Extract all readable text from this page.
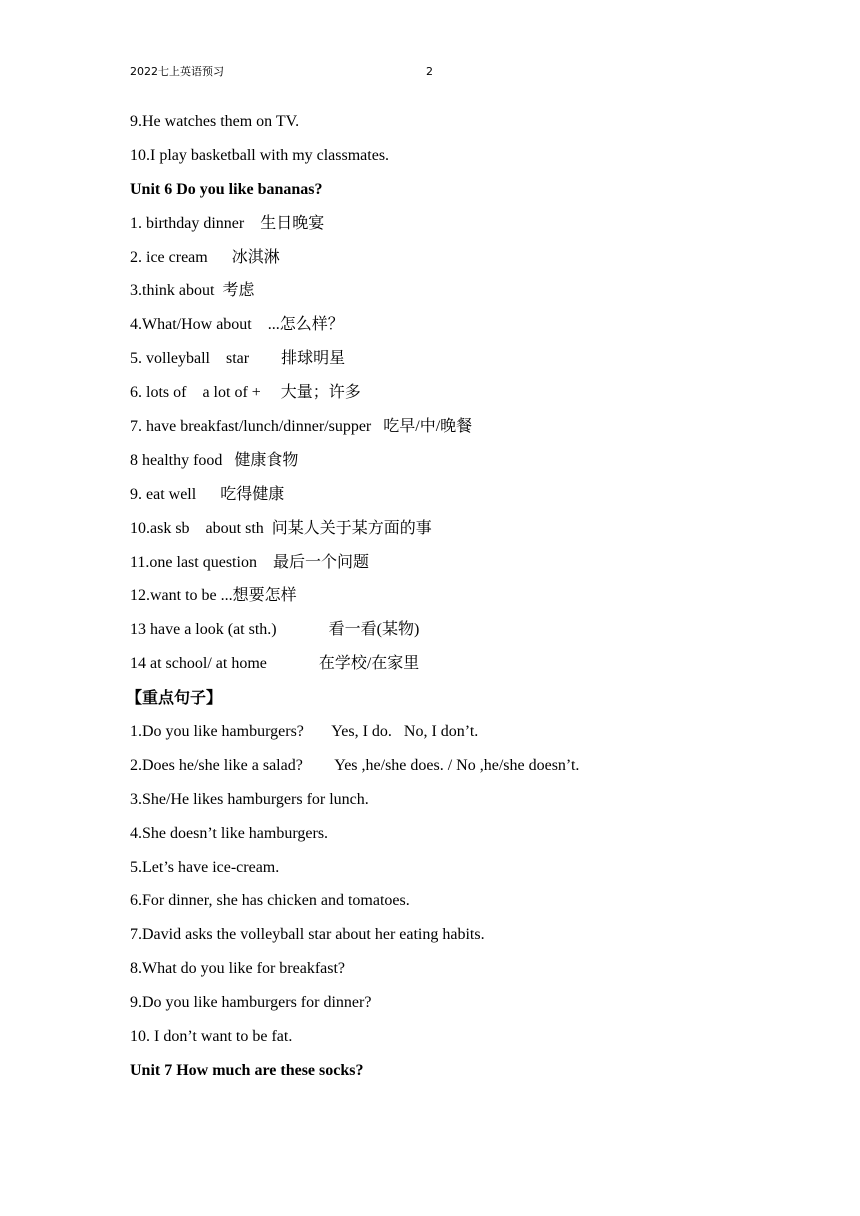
2022七上英语预习	2
9.He watches them on TV.
10.I play basketball with my classmates.
Unit 6 Do you like bananas?
1. birthday dinner    生日晚宴
2. ice cream      冰淇淋
3.think about  考虑
4.What/How about    ...怎么样？
5. volleyball    star        排球明星
6. lots of    a lot of +     大量；许多
7. have breakfast/lunch/dinner/supper   吃早/中/晚餐
8 healthy food   健康食物
9. eat well      吃得健康
10.ask sb    about sth  问某人关于某方面的事
11.one last question    最后一个问题
12.want to be ...想要怎样
13 have a look (at sth.)             看一看(某物)
14 at school/ at home             在学校/在家里
【重点句子】
1.Do you like hamburgers?       Yes, I do.   No, I don’t.
2.Does he/she like a salad?        Yes ,he/she does. / No ,he/she doesn’t.
3.She/He likes hamburgers for lunch.
4.She doesn’t like hamburgers.
5.Let’s have ice-cream.
6.For dinner, she has chicken and tomatoes.
7.David asks the volleyball star about her eating habits.
8.What do you like for breakfast?
9.Do you like hamburgers for dinner?
10. I don’t want to be fat.
Unit 7 How much are these socks?
